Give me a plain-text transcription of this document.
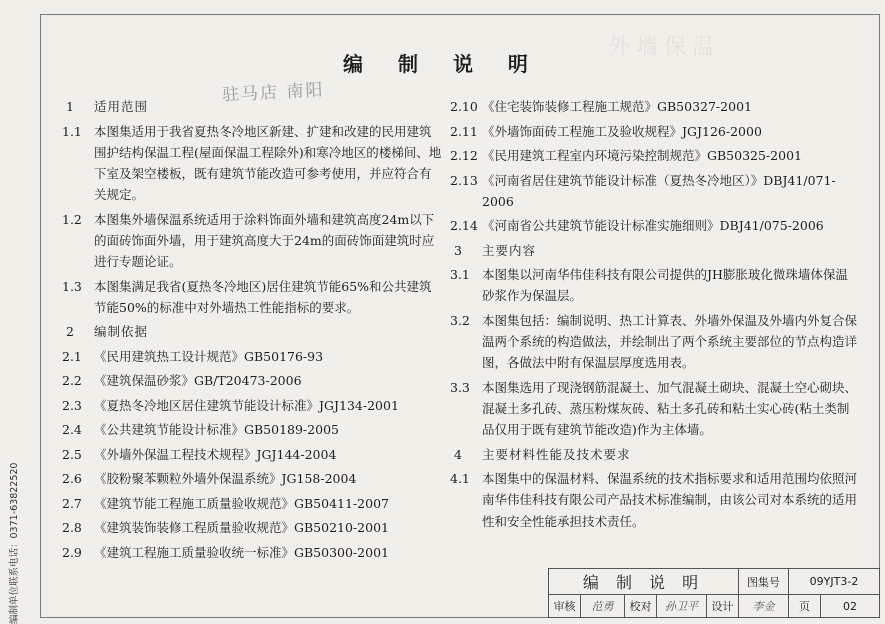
外墙保温
编 制 说 明
驻马店 南阳
编制单位联系电话：0371-63822520
1 适用范围
1.1 本图集适用于我省夏热冬冷地区新建、扩建和改建的民用建筑围护结构保温工程(屋面保温工程除外)和寒冷地区的楼梯间、地下室及架空楼板，既有建筑节能改造可参考使用，并应符合有关规定。
1.2 本图集外墙保温系统适用于涂料饰面外墙和建筑高度24m以下的面砖饰面外墙，用于建筑高度大于24m的面砖饰面建筑时应进行专题论证。
1.3 本图集满足我省(夏热冬冷地区)居住建筑节能65%和公共建筑节能50%的标准中对外墙热工性能指标的要求。
2 编制依据
2.1 《民用建筑热工设计规范》GB50176-93
2.2 《建筑保温砂浆》GB/T20473-2006
2.3 《夏热冬冷地区居住建筑节能设计标准》JGJ134-2001
2.4 《公共建筑节能设计标准》GB50189-2005
2.5 《外墙外保温工程技术规程》JGJ144-2004
2.6 《胶粉聚苯颗粒外墙外保温系统》JG158-2004
2.7 《建筑节能工程施工质量验收规范》GB50411-2007
2.8 《建筑装饰装修工程质量验收规范》GB50210-2001
2.9 《建筑工程施工质量验收统一标准》GB50300-2001
2.10 《住宅装饰装修工程施工规范》GB50327-2001
2.11 《外墙饰面砖工程施工及验收规程》JGJ126-2000
2.12 《民用建筑工程室内环境污染控制规范》GB50325-2001
2.13 《河南省居住建筑节能设计标准（夏热冬冷地区）》DBJ41/071-2006
2.14 《河南省公共建筑节能设计标准实施细则》DBJ41/075-2006
3 主要内容
3.1 本图集以河南华伟佳科技有限公司提供的JH膨胀玻化微珠墙体保温砂浆作为保温层。
3.2 本图集包括：编制说明、热工计算表、外墙外保温及外墙内外复合保温两个系统的构造做法，并绘制出了两个系统主要部位的节点构造详图，各做法中附有保温层厚度选用表。
3.3 本图集选用了现浇钢筋混凝土、加气混凝土砌块、混凝土空心砌块、混凝土多孔砖、蒸压粉煤灰砖、粘土多孔砖和粘土实心砖(粘土类制品仅用于既有建筑节能改造)作为主体墙。
4 主要材料性能及技术要求
4.1 本图集中的保温材料、保温系统的技术指标要求和适用范围均依照河南华伟佳科技有限公司产品技术标准编制，由该公司对本系统的适用性和安全性能承担技术责任。
编 制 说 明	图集号	09YJT3-2
审核	范勇	校对	孙卫平	设计	李金	页	02
